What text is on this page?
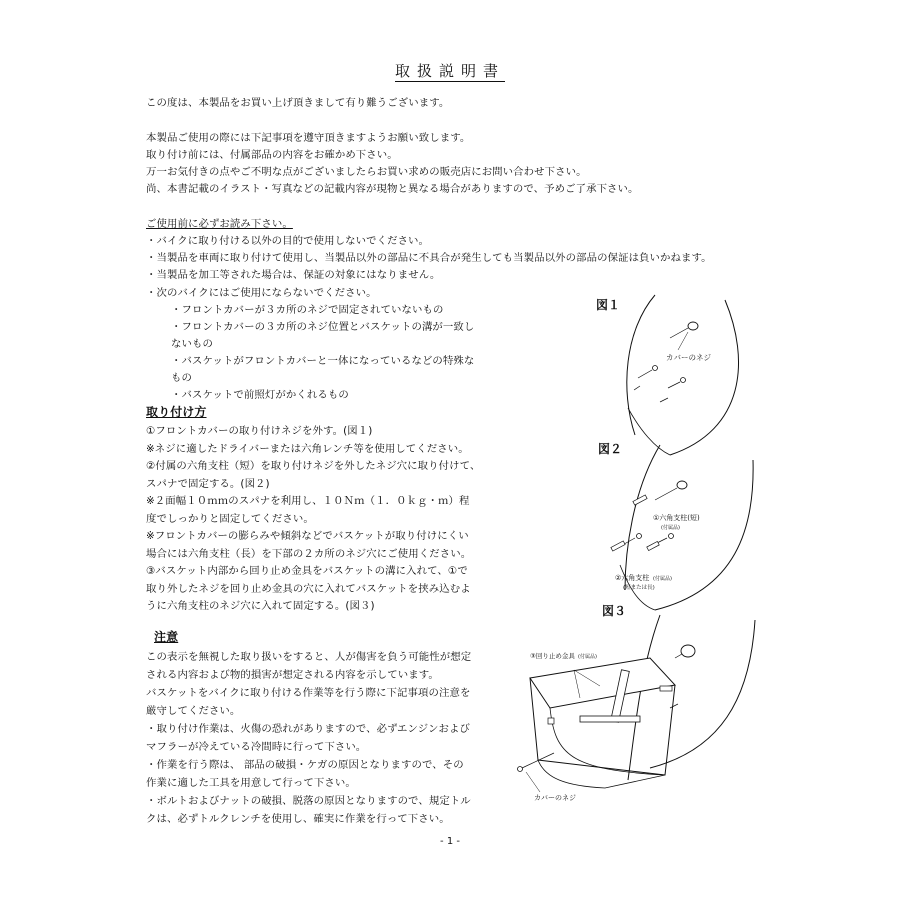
取扱説明書
この度は、本製品をお買い上げ頂きまして有り難うございます。
本製品ご使用の際には下記事項を遵守頂きますようお願い致します。
取り付け前には、付属部品の内容をお確かめ下さい。
万一お気付きの点やご不明な点がございましたらお買い求めの販売店にお問い合わせ下さい。
尚、本書記載のイラスト・写真などの記載内容が現物と異なる場合がありますので、予めご了承下さい。
ご使用前に必ずお読み下さい。
・バイクに取り付ける以外の目的で使用しないでください。
・当製品を車両に取り付けて使用し、当製品以外の部品に不具合が発生しても当製品以外の部品の保証は負いかねます。
・当製品を加工等された場合は、保証の対象にはなりません。
・次のバイクにはご使用にならないでください。
・フロントカバーが３カ所のネジで固定されていないもの
・フロントカバーの３カ所のネジ位置とバスケットの溝が一致し
ないもの
・バスケットがフロントカバーと一体になっているなどの特殊な
もの
・バスケットで前照灯がかくれるもの
取り付け方
①フロントカバーの取り付けネジを外す。(図１)
※ネジに適したドライバーまたは六角レンチ等を使用してください。
②付属の六角支柱（短）を取り付けネジを外したネジ穴に取り付けて、
スパナで固定する。(図２)
※２面幅１０ｍｍのスパナを利用し、１０Ｎｍ（１．０ｋｇ・ｍ）程
度でしっかりと固定してください。
※フロントカバーの膨らみや傾斜などでバスケットが取り付けにくい
場合には六角支柱（長）を下部の２カ所のネジ穴にご使用ください。
③バスケット内部から回り止め金具をバスケットの溝に入れて、①で
取り外したネジを回り止め金具の穴に入れてバスケットを挟み込むよ
うに六角支柱のネジ穴に入れて固定する。(図３)
注意
この表示を無視した取り扱いをすると、人が傷害を負う可能性が想定
される内容および物的損害が想定される内容を示しています。
バスケットをバイクに取り付ける作業等を行う際に下記事項の注意を
厳守してください。
・取り付け作業は、火傷の恐れがありますので、必ずエンジンおよび
マフラーが冷えている冷間時に行って下さい。
・作業を行う際は、 部品の破損・ケガの原因となりますので、その
作業に適した工具を用意して行って下さい。
・ボルトおよびナットの破損、脱落の原因となりますので、規定トル
クは、必ずトルクレンチを使用し、確実に作業を行って下さい。
図１
カバーのネジ
図２
①六角支柱(短)
(付属品)
②六角支柱 (付属品)
(短または長)
図３
③回り止め金具 (付属品)
カバーのネジ
- 1 -
